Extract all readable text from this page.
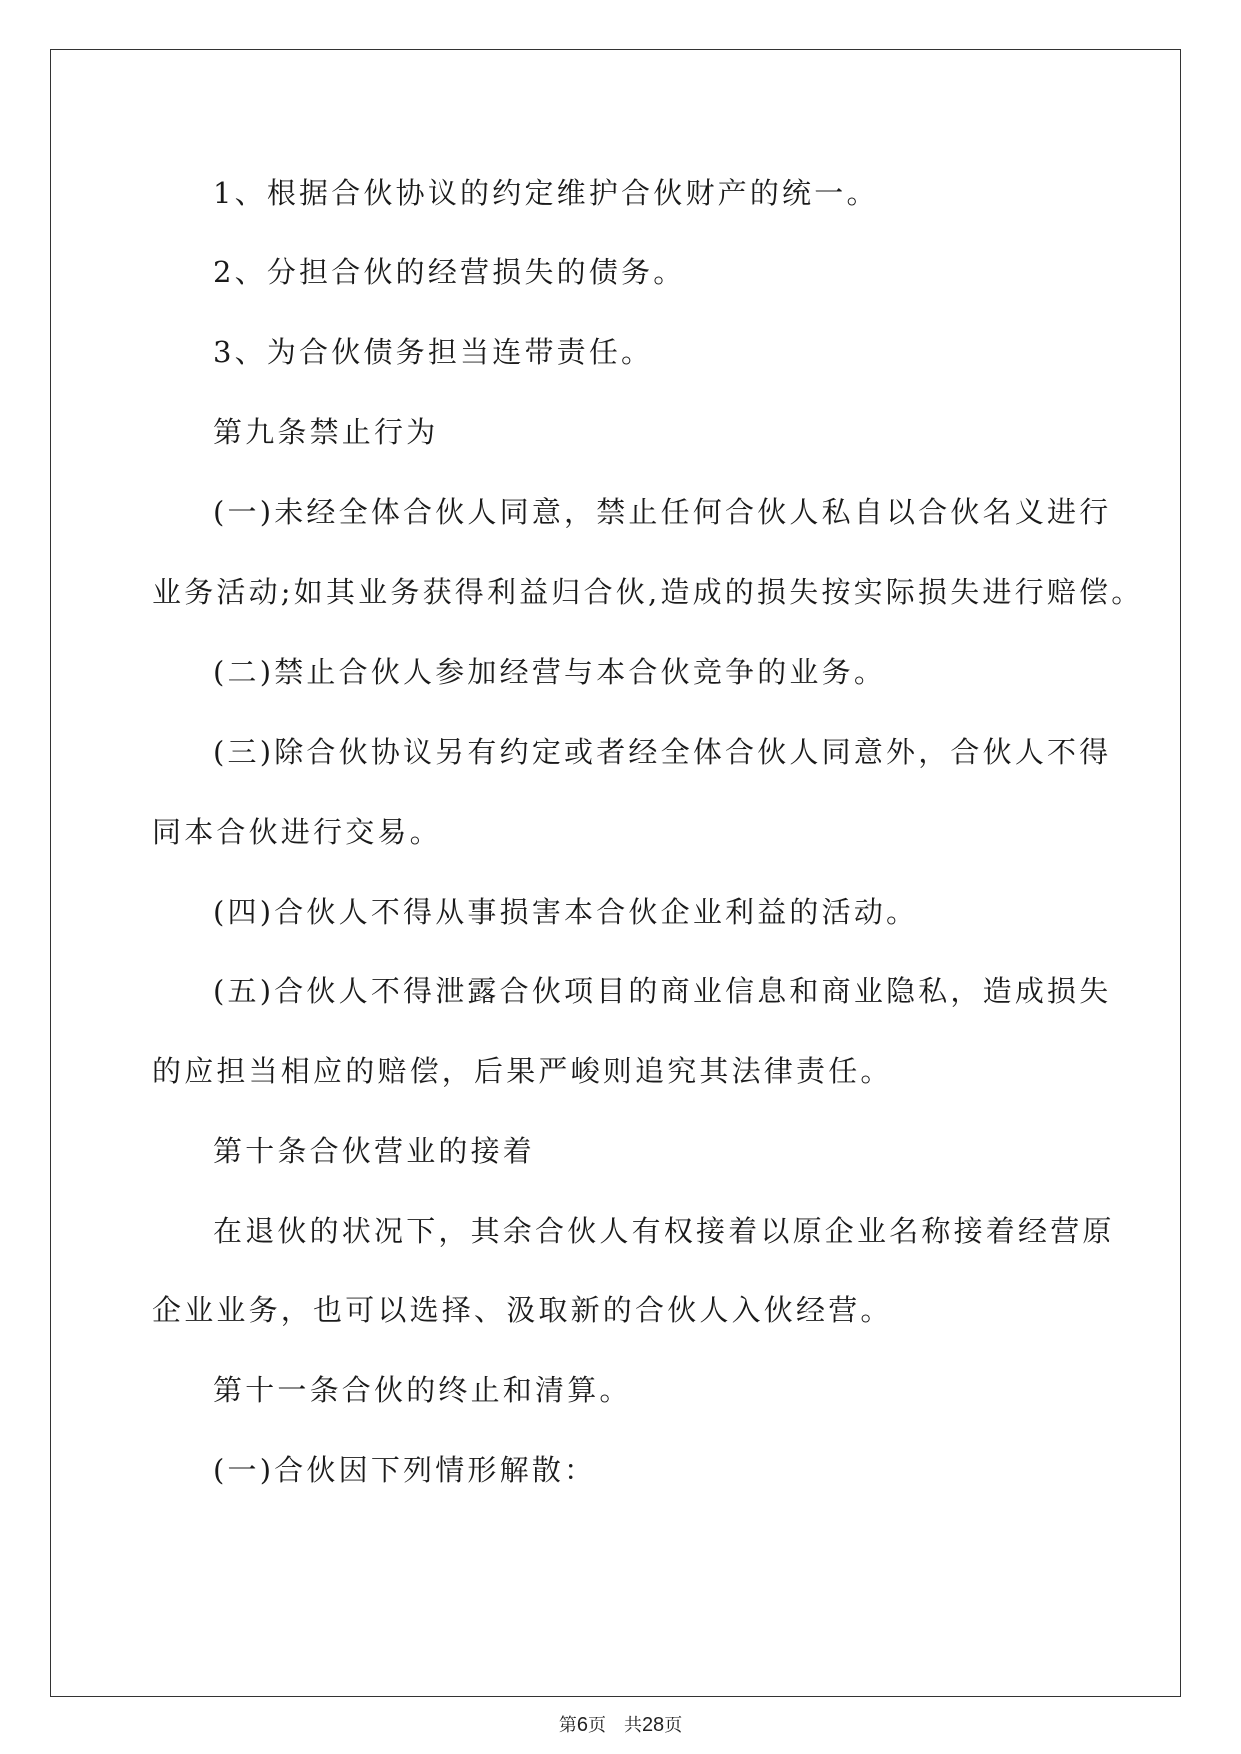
1、根据合伙协议的约定维护合伙财产的统一。
2、分担合伙的经营损失的债务。
3、为合伙债务担当连带责任。
第九条禁止行为
(一)未经全体合伙人同意，禁止任何合伙人私自以合伙名义进行
业务活动;如其业务获得利益归合伙,造成的损失按实际损失进行赔偿。
(二)禁止合伙人参加经营与本合伙竞争的业务。
(三)除合伙协议另有约定或者经全体合伙人同意外，合伙人不得
同本合伙进行交易。
(四)合伙人不得从事损害本合伙企业利益的活动。
(五)合伙人不得泄露合伙项目的商业信息和商业隐私，造成损失
的应担当相应的赔偿，后果严峻则追究其法律责任。
第十条合伙营业的接着
在退伙的状况下，其余合伙人有权接着以原企业名称接着经营原
企业业务，也可以选择、汲取新的合伙人入伙经营。
第十一条合伙的终止和清算。
(一)合伙因下列情形解散：
第6页 共28页
